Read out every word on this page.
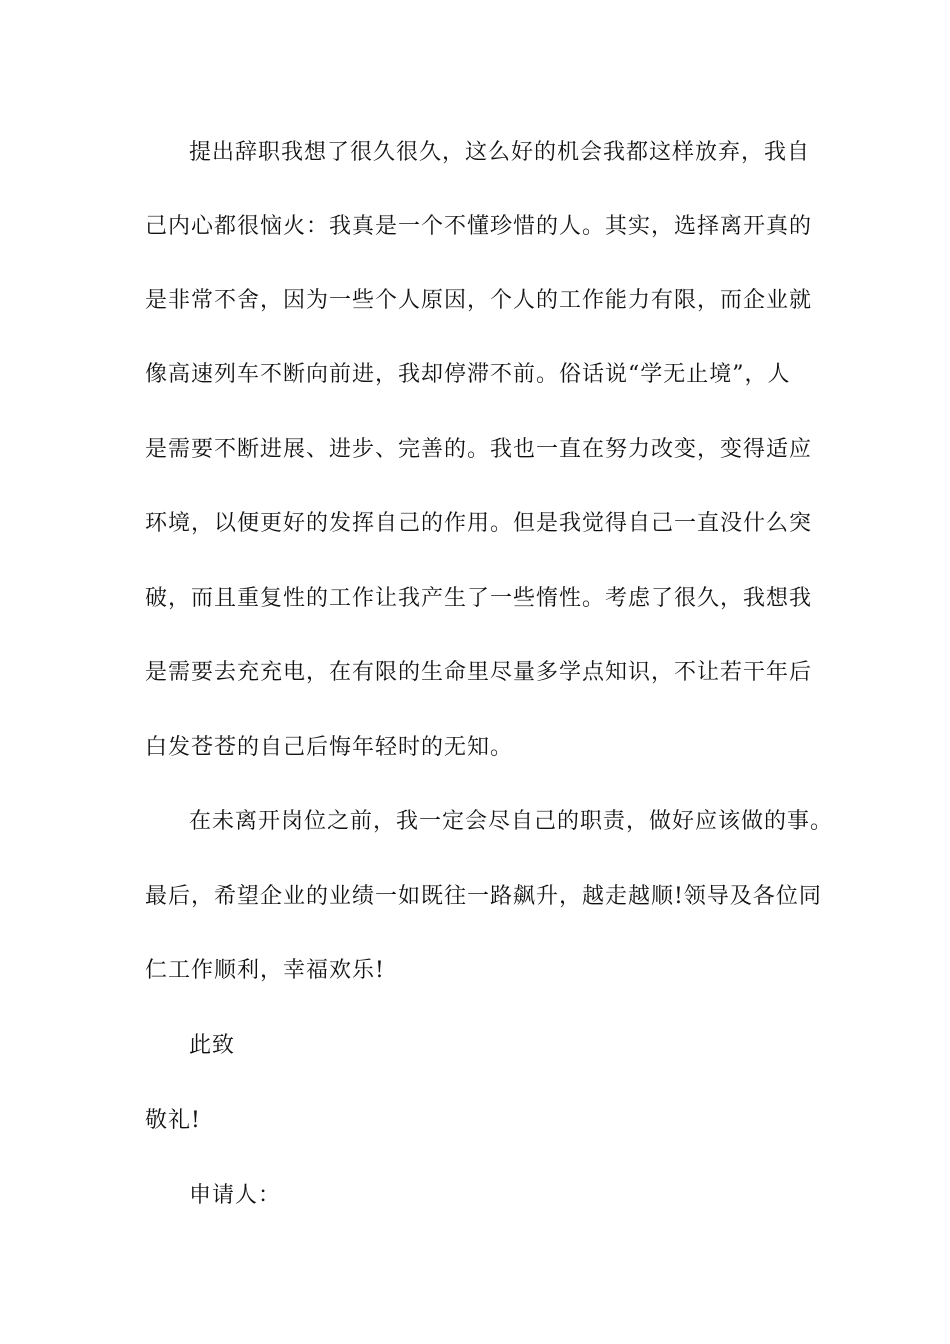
提出辞职我想了很久很久，这么好的机会我都这样放弃，我自
己内心都很恼火：我真是一个不懂珍惜的人。其实，选择离开真的
是非常不舍，因为一些个人原因，个人的工作能力有限，而企业就
像高速列车不断向前进，我却停滞不前。俗话说“学无止境”，人
是需要不断进展、进步、完善的。我也一直在努力改变，变得适应
环境，以便更好的发挥自己的作用。但是我觉得自己一直没什么突
破，而且重复性的工作让我产生了一些惰性。考虑了很久，我想我
是需要去充充电，在有限的生命里尽量多学点知识，不让若干年后
白发苍苍的自己后悔年轻时的无知。
在未离开岗位之前，我一定会尽自己的职责，做好应该做的事。
最后，希望企业的业绩一如既往一路飙升，越走越顺!领导及各位同
仁工作顺利，幸福欢乐!
此致
敬礼!
申请人：
